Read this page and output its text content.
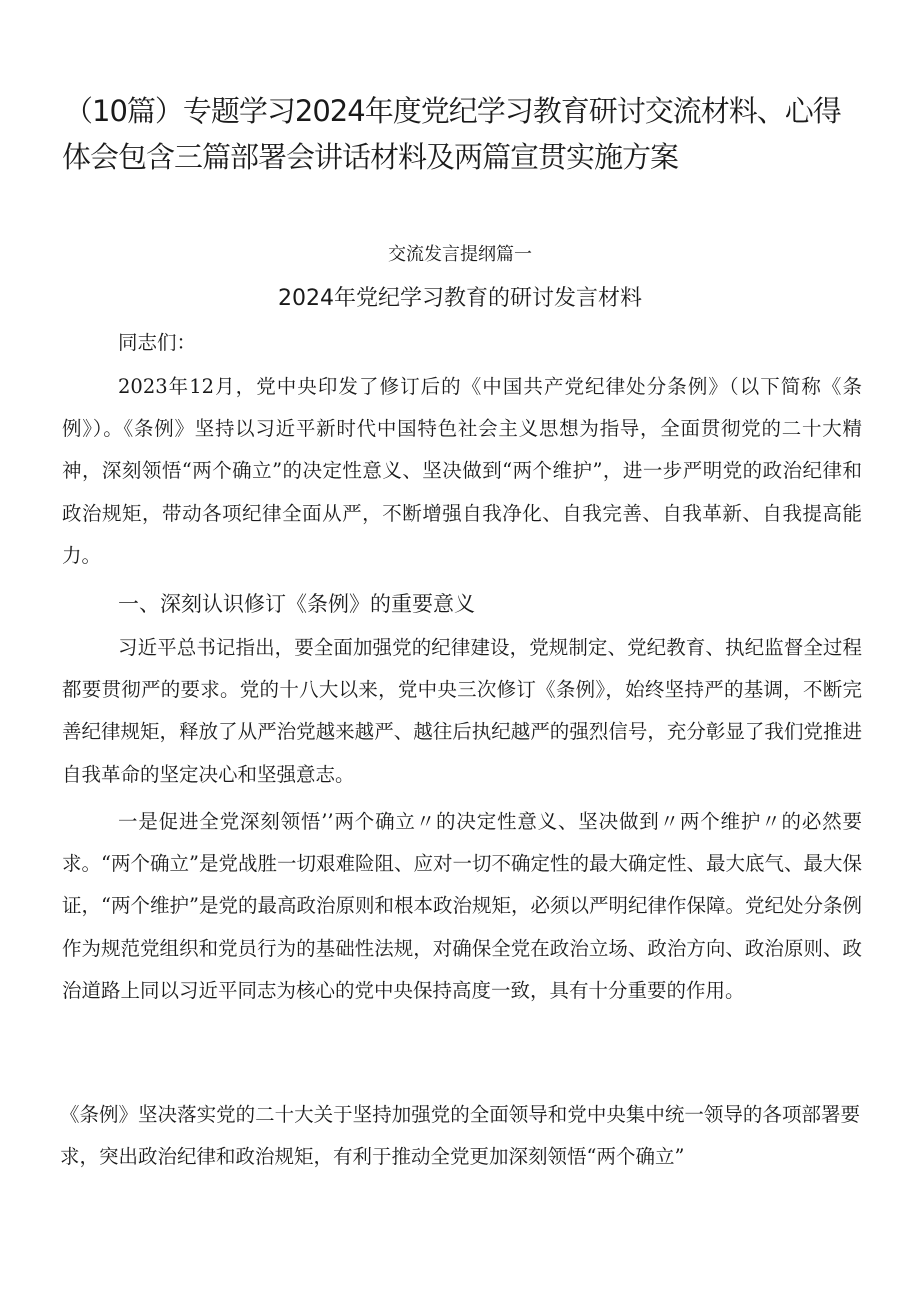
（10篇）专题学习2024年度党纪学习教育研讨交流材料、心得体会包含三篇部署会讲话材料及两篇宣贯实施方案
交流发言提纲篇一
2024年党纪学习教育的研讨发言材料

同志们：

2023年12月，党中央印发了修订后的《中国共产党纪律处分条例》（以下简称《条例》）。《条例》坚持以习近平新时代中国特色社会主义思想为指导，全面贯彻党的二十大精神，深刻领悟“两个确立”的决定性意义、坚决做到“两个维护”，进一步严明党的政治纪律和政治规矩，带动各项纪律全面从严，不断增强自我净化、自我完善、自我革新、自我提高能力。

一、深刻认识修订《条例》的重要意义

习近平总书记指出，要全面加强党的纪律建设，党规制定、党纪教育、执纪监督全过程都要贯彻严的要求。党的十八大以来，党中央三次修订《条例》，始终坚持严的基调，不断完善纪律规矩，释放了从严治党越来越严、越往后执纪越严的强烈信号，充分彰显了我们党推进自我革命的坚定决心和坚强意志。

一是促进全党深刻领悟’’两个确立〃的决定性意义、坚决做到〃两个维护〃的必然要求。“两个确立”是党战胜一切艰难险阻、应对一切不确定性的最大确定性、最大底气、最大保证，“两个维护”是党的最高政治原则和根本政治规矩，必须以严明纪律作保障。党纪处分条例作为规范党组织和党员行为的基础性法规，对确保全党在政治立场、政治方向、政治原则、政治道路上同以习近平同志为核心的党中央保持高度一致，具有十分重要的作用。

《条例》坚决落实党的二十大关于坚持加强党的全面领导和党中央集中统一领导的各项部署要求，突出政治纪律和政治规矩，有利于推动全党更加深刻领悟“两个确立”
